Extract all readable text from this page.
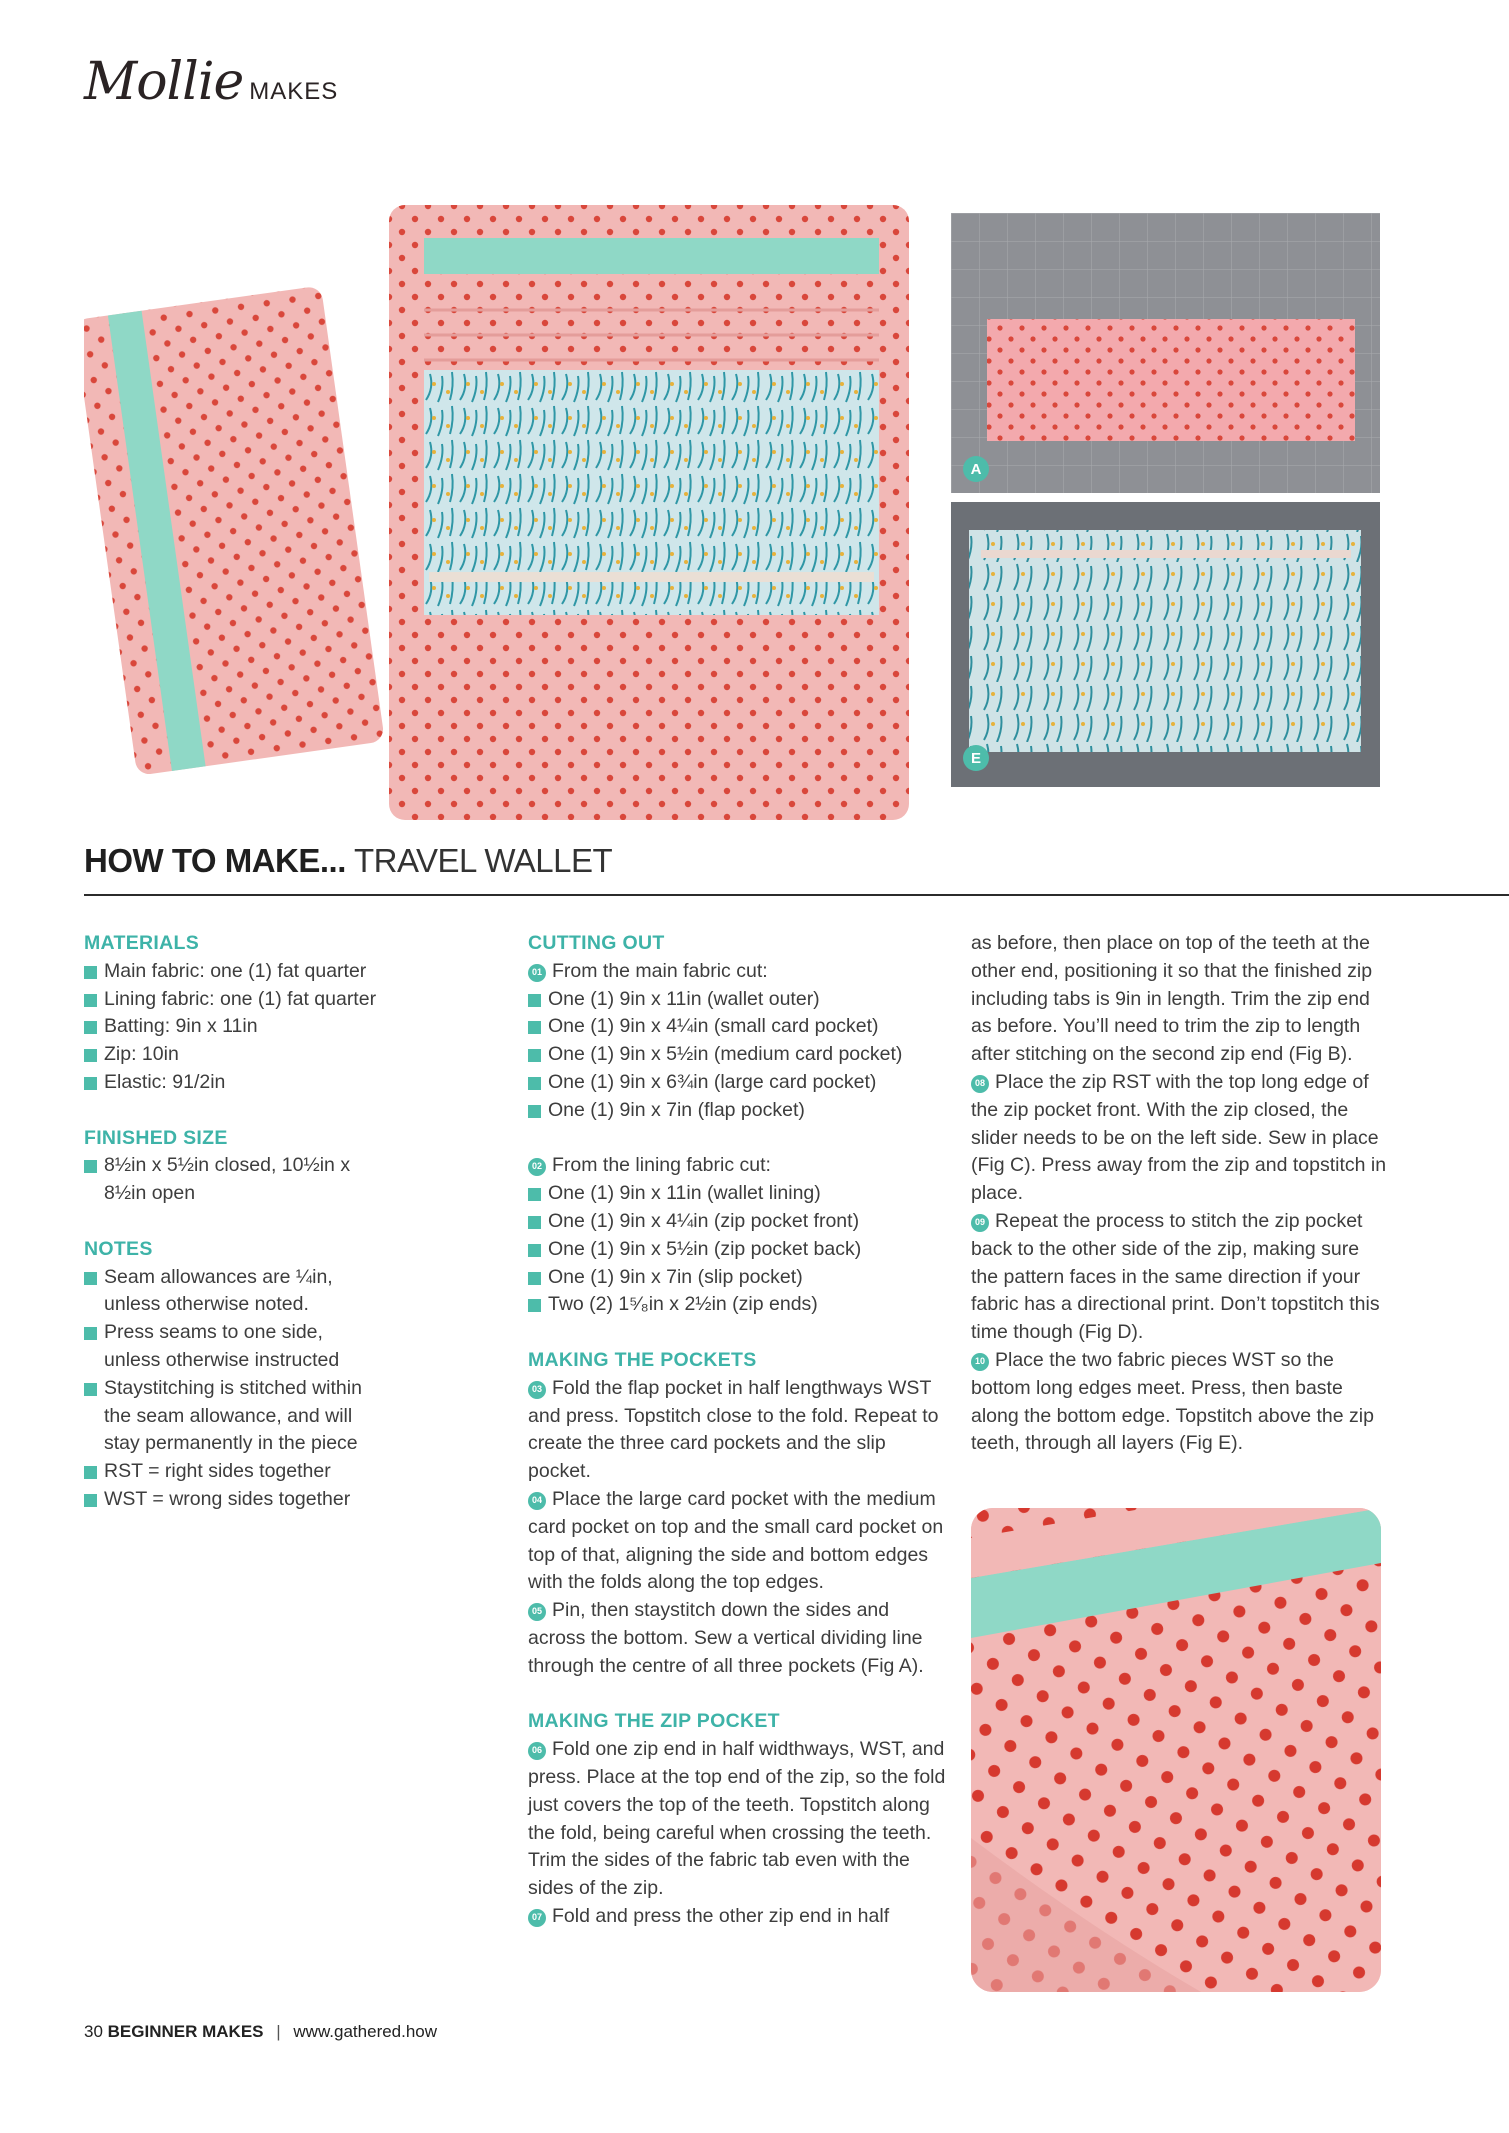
Mollie MAKES
A
E
HOW TO MAKE... TRAVEL WALLET
MATERIALS
Main fabric: one (1) fat quarter
Lining fabric: one (1) fat quarter
Batting: 9in x 11in
Zip: 10in
Elastic: 91/2in
FINISHED SIZE
8½in x 5½in closed, 10½in x 8½in open
NOTES
Seam allowances are ¼in, unless otherwise noted.
Press seams to one side, unless otherwise instructed
Staystitching is stitched within the seam allowance, and will stay permanently in the piece
RST = right sides together
WST = wrong sides together
CUTTING OUT
01 From the main fabric cut:
One (1) 9in x 11in (wallet outer)
One (1) 9in x 4¼in (small card pocket)
One (1) 9in x 5½in (medium card pocket)
One (1) 9in x 6¾in (large card pocket)
One (1) 9in x 7in (flap pocket)
02 From the lining fabric cut:
One (1) 9in x 11in (wallet lining)
One (1) 9in x 4¼in (zip pocket front)
One (1) 9in x 5½in (zip pocket back)
One (1) 9in x 7in (slip pocket)
Two (2) 1⁵⁄₈in x 2½in (zip ends)
MAKING THE POCKETS
03 Fold the flap pocket in half lengthways WST and press. Topstitch close to the fold. Repeat to create the three card pockets and the slip pocket.
04 Place the large card pocket with the medium card pocket on top and the small card pocket on top of that, aligning the side and bottom edges with the folds along the top edges.
05 Pin, then staystitch down the sides and across the bottom. Sew a vertical dividing line through the centre of all three pockets (Fig A).
MAKING THE ZIP POCKET
06 Fold one zip end in half widthways, WST, and press. Place at the top end of the zip, so the fold just covers the top of the teeth. Topstitch along the fold, being careful when crossing the teeth. Trim the sides of the fabric tab even with the sides of the zip.
07 Fold and press the other zip end in half
as before, then place on top of the teeth at the other end, positioning it so that the finished zip including tabs is 9in in length. Trim the zip end as before. You’ll need to trim the zip to length after stitching on the second zip end (Fig B).
08 Place the zip RST with the top long edge of the zip pocket front. With the zip closed, the slider needs to be on the left side. Sew in place (Fig C). Press away from the zip and topstitch in place.
09 Repeat the process to stitch the zip pocket back to the other side of the zip, making sure the pattern faces in the same direction if your fabric has a directional print. Don’t topstitch this time though (Fig D).
10 Place the two fabric pieces WST so the bottom long edges meet. Press, then baste along the bottom edge. Topstitch above the zip teeth, through all layers (Fig E).
30 BEGINNER MAKES | www.gathered.how
